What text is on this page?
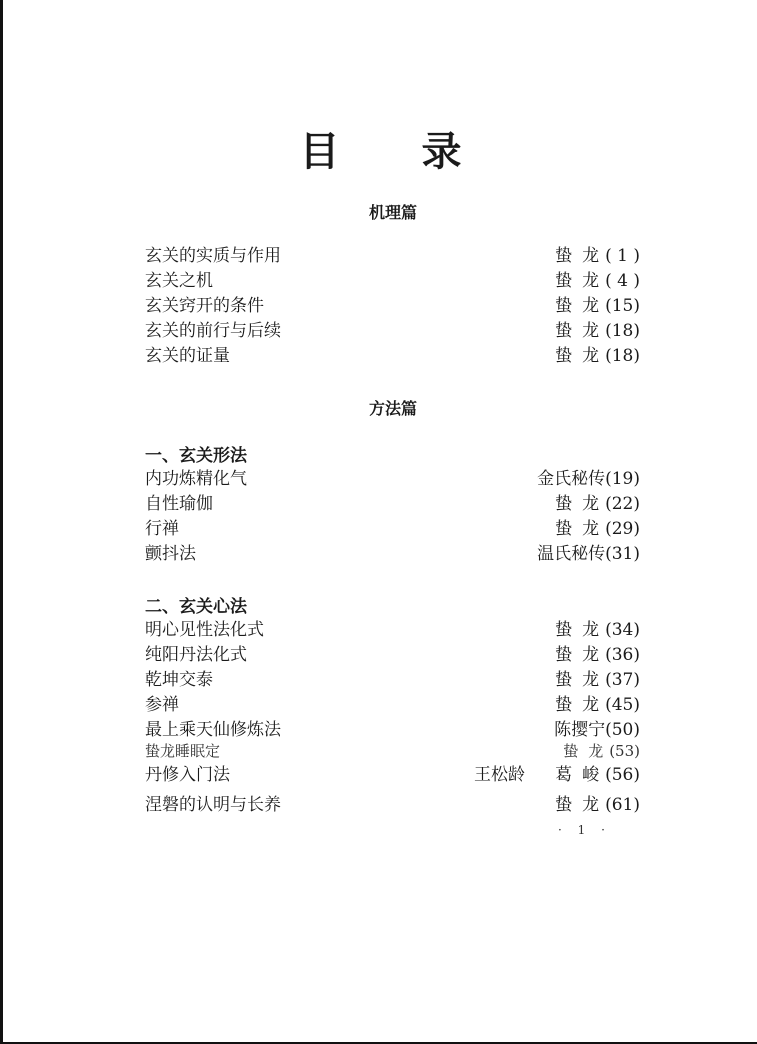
目 录
机理篇
玄关的实质与作用	蛰龙( 1 )
玄关之机	蛰龙( 4 )
玄关窍开的条件	蛰龙(15)
玄关的前行与后续	蛰龙(18)
玄关的证量	蛰龙(18)
方法篇
一、玄关形法
内功炼精化气	金氏秘传(19)
自性瑜伽	蛰龙(22)
行禅	蛰龙(29)
颤抖法	温氏秘传(31)
二、玄关心法
明心见性法化式	蛰龙(34)
纯阳丹法化式	蛰龙(36)
乾坤交泰	蛰龙(37)
参禅	蛰龙(45)
最上乘天仙修炼法	陈撄宁(50)
蛰龙睡眠定	蛰龙(53)
丹修入门法	王松龄 葛峻(56)
涅磐的认明与长养	蛰龙(61)
· 1 ·
